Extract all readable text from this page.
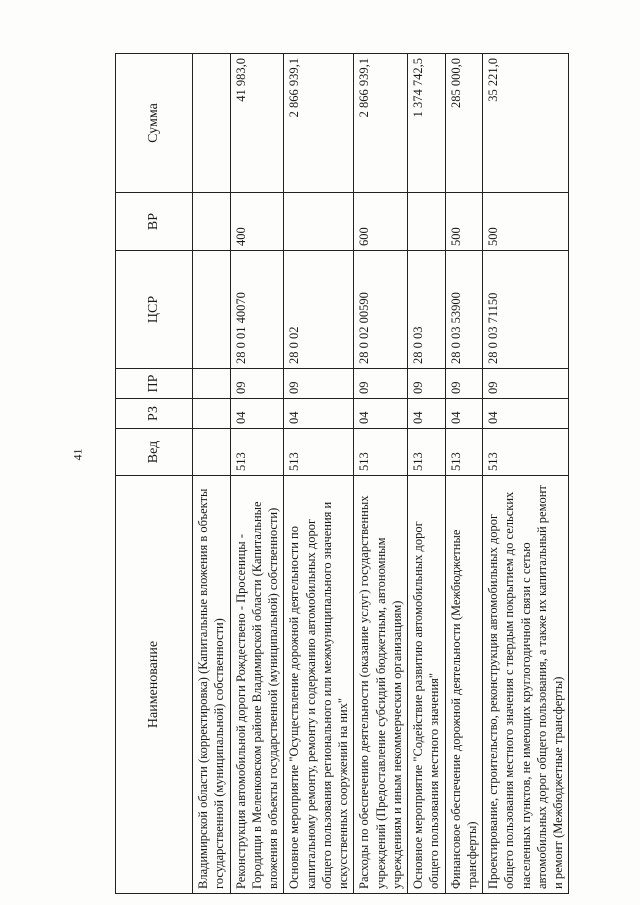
41
Наименование	Вед	РЗ	ПР	ЦСР	ВР	Сумма
Владимирской области (корректировка) (Капитальные вложения в объекты государственной (муниципальной) собственности)						
Реконструкция автомобильной дороги Рождествено - Просеницы - Городищи в Меленковском районе Владимирской области (Капитальные вложения в объекты государственной (муниципальной) собственности)	513	04	09	28 0 01 40070	400	41 983,0
Основное мероприятие "Осуществление дорожной деятельности по капитальному ремонту, ремонту и содержанию автомобильных дорог общего пользования регионального или межмуниципального значения и искусственных сооружений на них"	513	04	09	28 0 02		2 866 939,1
Расходы по обеспечению деятельности (оказание услуг) государственных учреждений (Предоставление субсидий бюджетным, автономным учреждениям и иным некоммерческим организациям)	513	04	09	28 0 02 00590	600	2 866 939,1
Основное мероприятие "Содействие развитию автомобильных дорог общего пользования местного значения"	513	04	09	28 0 03		1 374 742,5
Финансовое обеспечение дорожной деятельности (Межбюджетные трансферты)	513	04	09	28 0 03 53900	500	285 000,0
Проектирование, строительство, реконструкция автомобильных дорог общего пользования местного значения с твердым покрытием до сельских населенных пунктов, не имеющих круглогодичной связи с сетью автомобильных дорог общего пользования, а также их капитальный ремонт и ремонт (Межбюджетные трансферты)	513	04	09	28 0 03 71150	500	35 221,0
